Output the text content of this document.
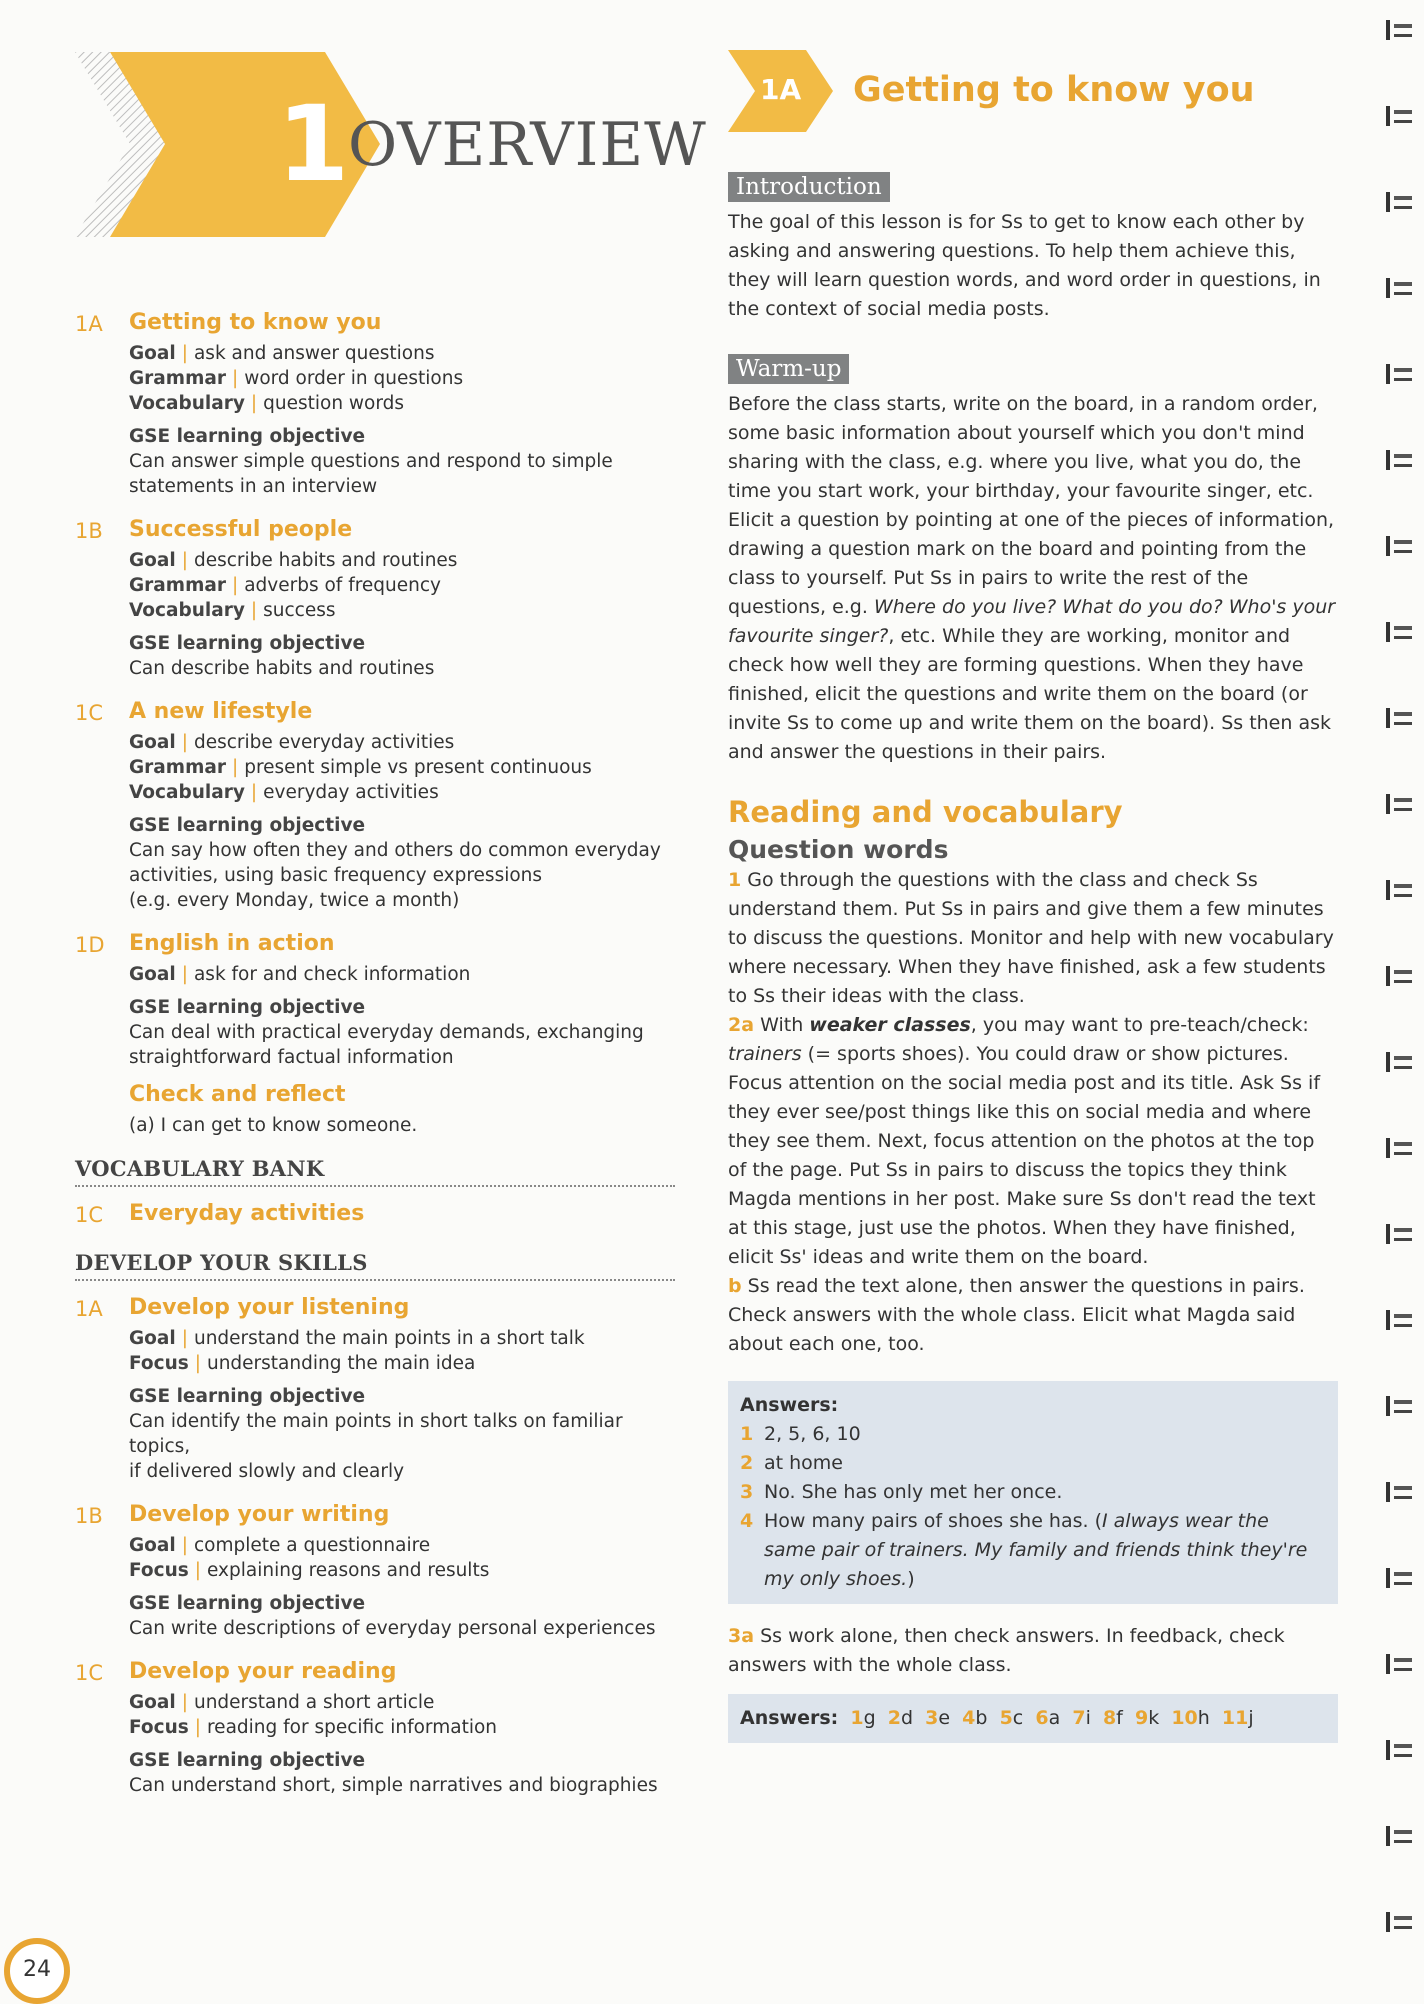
1
OVERVIEW
1A Getting to know you
Goal | ask and answer questions
Grammar | word order in questions
Vocabulary | question words
GSE learning objective
Can answer simple questions and respond to simple
statements in an interview
1B Successful people
Goal | describe habits and routines
Grammar | adverbs of frequency
Vocabulary | success
GSE learning objective
Can describe habits and routines
1C A new lifestyle
Goal | describe everyday activities
Grammar | present simple vs present continuous
Vocabulary | everyday activities
GSE learning objective
Can say how often they and others do common everyday
activities, using basic frequency expressions
(e.g. every Monday, twice a month)
1D English in action
Goal | ask for and check information
GSE learning objective
Can deal with practical everyday demands, exchanging
straightforward factual information
Check and reflect
(a) I can get to know someone.
VOCABULARY BANK
1C Everyday activities
DEVELOP YOUR SKILLS
1A Develop your listening
Goal | understand the main points in a short talk
Focus | understanding the main idea
GSE learning objective
Can identify the main points in short talks on familiar topics,
if delivered slowly and clearly
1B Develop your writing
Goal | complete a questionnaire
Focus | explaining reasons and results
GSE learning objective
Can write descriptions of everyday personal experiences
1C Develop your reading
Goal | understand a short article
Focus | reading for specific information
GSE learning objective
Can understand short, simple narratives and biographies
1A Getting to know you
Introduction
The goal of this lesson is for Ss to get to know each other by asking and answering questions. To help them achieve this, they will learn question words, and word order in questions, in the context of social media posts.
Warm-up
Before the class starts, write on the board, in a random order, some basic information about yourself which you don't mind sharing with the class, e.g. where you live, what you do, the time you start work, your birthday, your favourite singer, etc. Elicit a question by pointing at one of the pieces of information, drawing a question mark on the board and pointing from the class to yourself. Put Ss in pairs to write the rest of the questions, e.g. Where do you live? What do you do? Who's your favourite singer?, etc. While they are working, monitor and check how well they are forming questions. When they have finished, elicit the questions and write them on the board (or invite Ss to come up and write them on the board). Ss then ask and answer the questions in their pairs.
Reading and vocabulary
Question words
1 Go through the questions with the class and check Ss understand them. Put Ss in pairs and give them a few minutes to discuss the questions. Monitor and help with new vocabulary where necessary. When they have finished, ask a few students to Ss their ideas with the class.
2a With weaker classes, you may want to pre-teach/check: trainers (= sports shoes). You could draw or show pictures. Focus attention on the social media post and its title. Ask Ss if they ever see/post things like this on social media and where they see them. Next, focus attention on the photos at the top of the page. Put Ss in pairs to discuss the topics they think Magda mentions in her post. Make sure Ss don't read the text at this stage, just use the photos. When they have finished, elicit Ss' ideas and write them on the board.
b Ss read the text alone, then answer the questions in pairs. Check answers with the whole class. Elicit what Magda said about each one, too.
Answers:
1 2, 5, 6, 10
2 at home
3 No. She has only met her once.
4 How many pairs of shoes she has. (I always wear the same pair of trainers. My family and friends think they're my only shoes.)
3a Ss work alone, then check answers. In feedback, check answers with the whole class.
Answers: 1g 2d 3e 4b 5c 6a 7i 8f 9k 10h 11j
24
